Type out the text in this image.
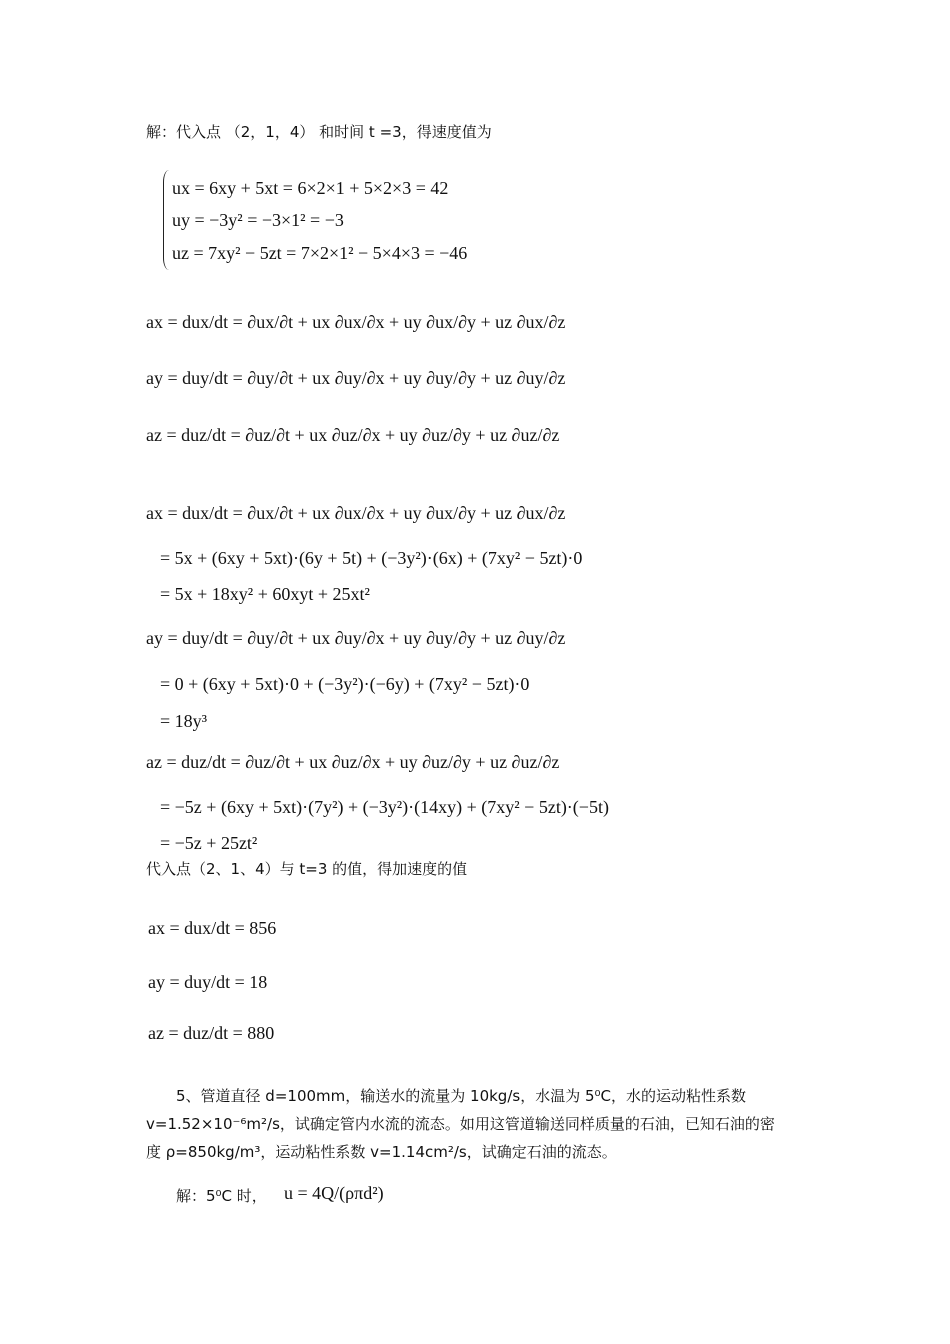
解：代入点 （2，1，4） 和时间 t =3，得速度值为
ux = 6xy + 5xt = 6×2×1 + 5×2×3 = 42
uy = −3y² = −3×1² = −3
uz = 7xy² − 5zt = 7×2×1² − 5×4×3 = −46
ax = dux/dt = ∂ux/∂t + ux ∂ux/∂x + uy ∂ux/∂y + uz ∂ux/∂z
ay = duy/dt = ∂uy/∂t + ux ∂uy/∂x + uy ∂uy/∂y + uz ∂uy/∂z
az = duz/dt = ∂uz/∂t + ux ∂uz/∂x + uy ∂uz/∂y + uz ∂uz/∂z
ax = dux/dt = ∂ux/∂t + ux ∂ux/∂x + uy ∂ux/∂y + uz ∂ux/∂z
= 5x + (6xy + 5xt)·(6y + 5t) + (−3y²)·(6x) + (7xy² − 5zt)·0
= 5x + 18xy² + 60xyt + 25xt²
ay = duy/dt = ∂uy/∂t + ux ∂uy/∂x + uy ∂uy/∂y + uz ∂uy/∂z
= 0 + (6xy + 5xt)·0 + (−3y²)·(−6y) + (7xy² − 5zt)·0
= 18y³
az = duz/dt = ∂uz/∂t + ux ∂uz/∂x + uy ∂uz/∂y + uz ∂uz/∂z
= −5z + (6xy + 5xt)·(7y²) + (−3y²)·(14xy) + (7xy² − 5zt)·(−5t)
= −5z + 25zt²
代入点（2、1、4）与 t=3 的值，得加速度的值
ax = dux/dt = 856
ay = duy/dt = 18
az = duz/dt = 880
5、管道直径 d=100mm，输送水的流量为 10kg/s，水温为 5⁰C，水的运动粘性系数
v=1.52×10⁻⁶m²/s，试确定管内水流的流态。如用这管道输送同样质量的石油，已知石油的密
度 ρ=850kg/m³，运动粘性系数 v=1.14cm²/s，试确定石油的流态。
解：5⁰C 时， u = 4Q/(ρπd²)
